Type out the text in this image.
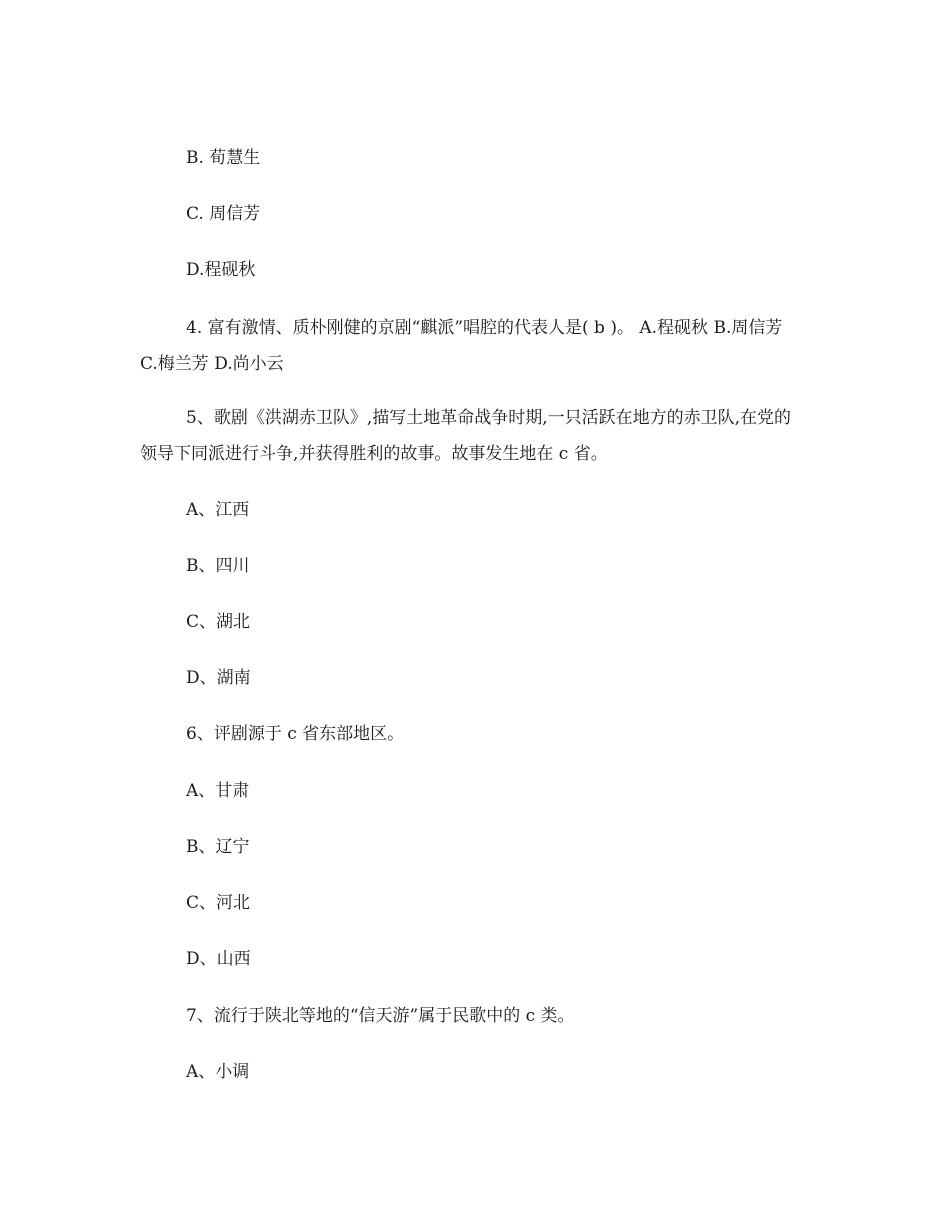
B. 荀慧生
C. 周信芳
D.程砚秋
4. 富有激情、质朴刚健的京剧“麒派”唱腔的代表人是( b )。 A.程砚秋 B.周信芳 C.梅兰芳 D.尚小云
5、歌剧《洪湖赤卫队》,描写土地革命战争时期,一只活跃在地方的赤卫队,在党的领导下同派进行斗争,并获得胜利的故事。故事发生地在 c 省。
A、江西
B、四川
C、湖北
D、湖南
6、评剧源于 c 省东部地区。
A、甘肃
B、辽宁
C、河北
D、山西
7、流行于陕北等地的“信天游”属于民歌中的 c 类。
A、小调
